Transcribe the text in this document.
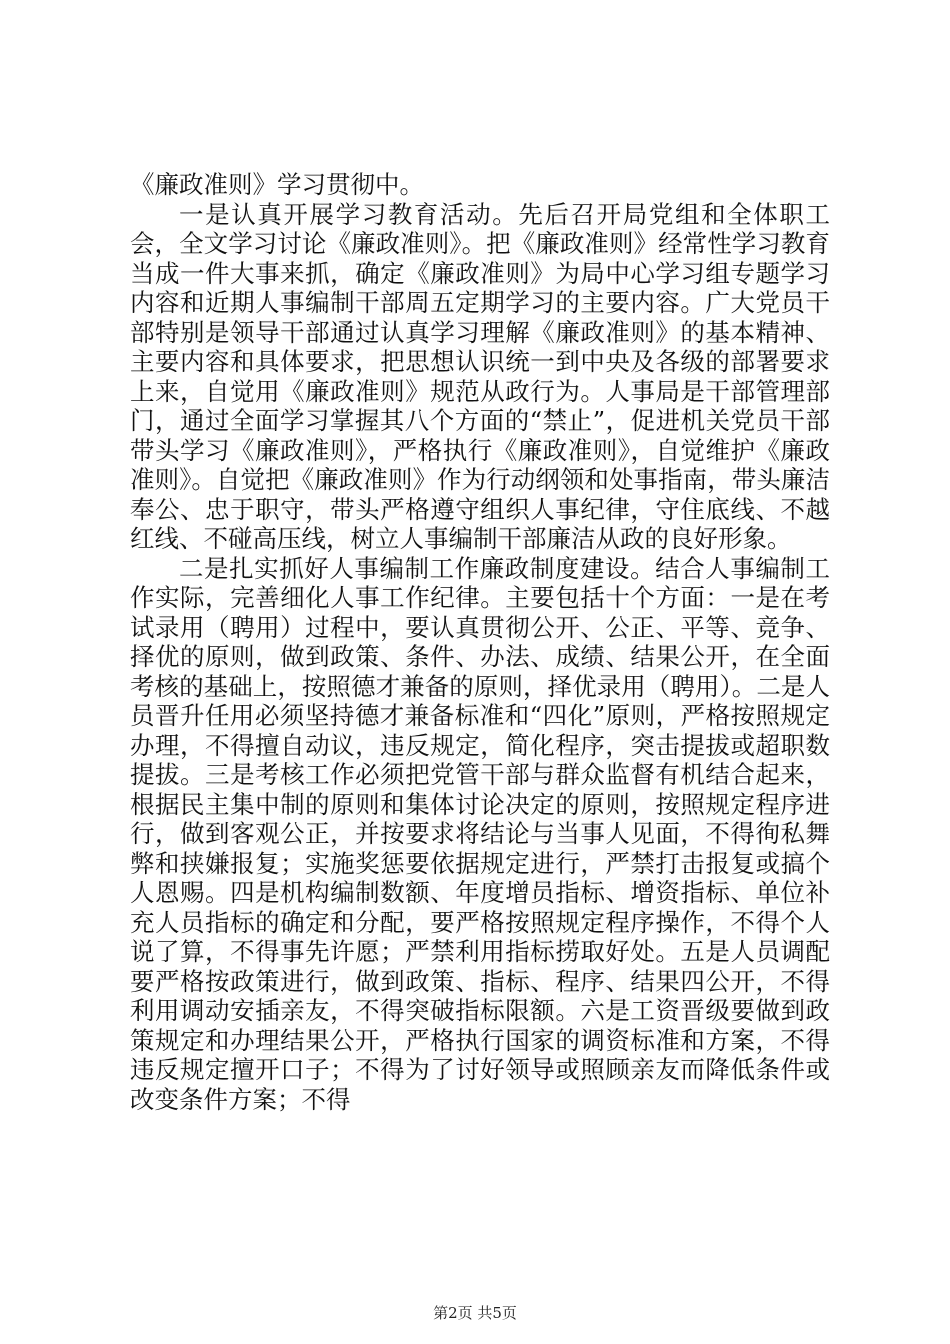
《廉政准则》学习贯彻中。

一是认真开展学习教育活动。先后召开局党组和全体职工会，全文学习讨论《廉政准则》。把《廉政准则》经常性学习教育当成一件大事来抓，确定《廉政准则》为局中心学习组专题学习内容和近期人事编制干部周五定期学习的主要内容。广大党员干部特别是领导干部通过认真学习理解《廉政准则》的基本精神、主要内容和具体要求，把思想认识统一到中央及各级的部署要求上来，自觉用《廉政准则》规范从政行为。人事局是干部管理部门，通过全面学习掌握其八个方面的“禁止”，促进机关党员干部带头学习《廉政准则》，严格执行《廉政准则》，自觉维护《廉政准则》。自觉把《廉政准则》作为行动纲领和处事指南，带头廉洁奉公、忠于职守，带头严格遵守组织人事纪律，守住底线、不越红线、不碰高压线，树立人事编制干部廉洁从政的良好形象。

二是扎实抓好人事编制工作廉政制度建设。结合人事编制工作实际，完善细化人事工作纪律。主要包括十个方面：一是在考试录用（聘用）过程中，要认真贯彻公开、公正、平等、竞争、择优的原则，做到政策、条件、办法、成绩、结果公开，在全面考核的基础上，按照德才兼备的原则，择优录用（聘用）。二是人员晋升任用必须坚持德才兼备标准和“四化”原则，严格按照规定办理，不得擅自动议，违反规定，简化程序，突击提拔或超职数提拔。三是考核工作必须把党管干部与群众监督有机结合起来，根据民主集中制的原则和集体讨论决定的原则，按照规定程序进行，做到客观公正，并按要求将结论与当事人见面，不得徇私舞弊和挟嫌报复；实施奖惩要依据规定进行，严禁打击报复或搞个人恩赐。四是机构编制数额、年度增员指标、增资指标、单位补充人员指标的确定和分配，要严格按照规定程序操作，不得个人说了算，不得事先许愿；严禁利用指标捞取好处。五是人员调配要严格按政策进行，做到政策、指标、程序、结果四公开，不得利用调动安插亲友，不得突破指标限额。六是工资晋级要做到政策规定和办理结果公开，严格执行国家的调资标准和方案，不得违反规定擅开口子；不得为了讨好领导或照顾亲友而降低条件或改变条件方案；不得

第2页 共5页
